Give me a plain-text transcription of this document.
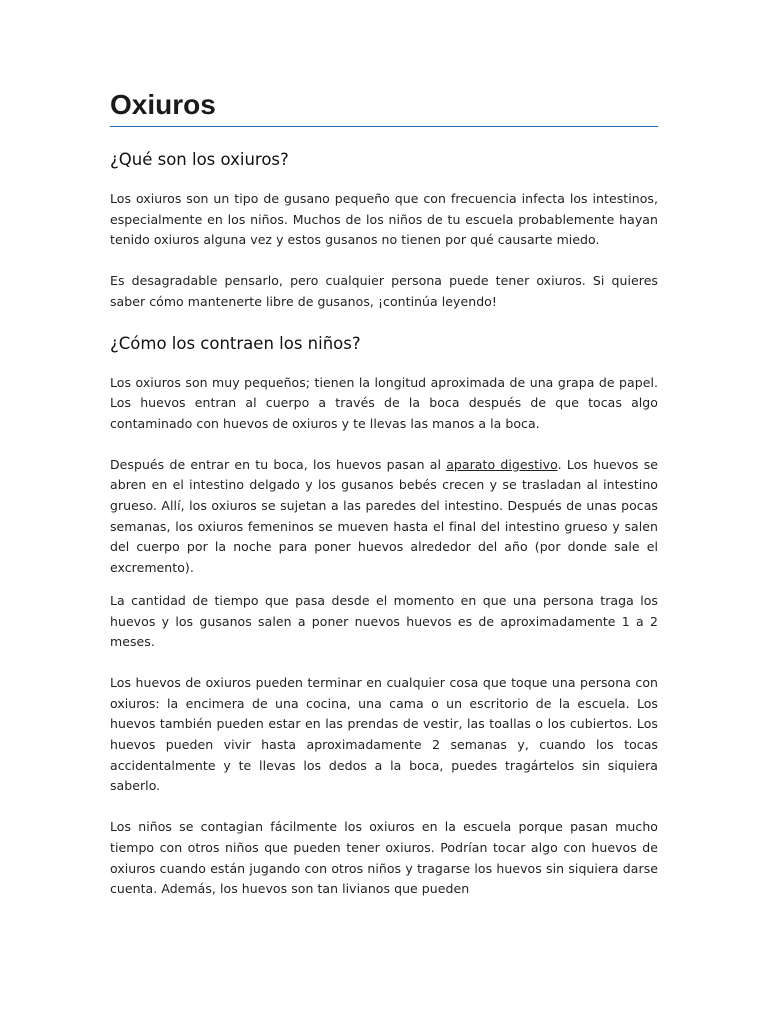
Oxiuros
¿Qué son los oxiuros?

Los oxiuros son un tipo de gusano pequeño que con frecuencia infecta los intestinos, especialmente en los niños. Muchos de los niños de tu escuela probablemente hayan tenido oxiuros alguna vez y estos gusanos no tienen por qué causarte miedo.

Es desagradable pensarlo, pero cualquier persona puede tener oxiuros. Si quieres saber cómo mantenerte libre de gusanos, ¡continúa leyendo!

¿Cómo los contraen los niños?

Los oxiuros son muy pequeños; tienen la longitud aproximada de una grapa de papel. Los huevos entran al cuerpo a través de la boca después de que tocas algo contaminado con huevos de oxiuros y te llevas las manos a la boca.

Después de entrar en tu boca, los huevos pasan al aparato digestivo. Los huevos se abren en el intestino delgado y los gusanos bebés crecen y se trasladan al intestino grueso. Allí, los oxiuros se sujetan a las paredes del intestino. Después de unas pocas semanas, los oxiuros femeninos se mueven hasta el final del intestino grueso y salen del cuerpo por la noche para poner huevos alrededor del año (por donde sale el excremento).

La cantidad de tiempo que pasa desde el momento en que una persona traga los huevos y los gusanos salen a poner nuevos huevos es de aproximadamente 1 a 2 meses.

Los huevos de oxiuros pueden terminar en cualquier cosa que toque una persona con oxiuros: la encimera de una cocina, una cama o un escritorio de la escuela. Los huevos también pueden estar en las prendas de vestir, las toallas o los cubiertos. Los huevos pueden vivir hasta aproximadamente 2 semanas y, cuando los tocas accidentalmente y te llevas los dedos a la boca, puedes tragártelos sin siquiera saberlo.

Los niños se contagian fácilmente los oxiuros en la escuela porque pasan mucho tiempo con otros niños que pueden tener oxiuros. Podrían tocar algo con huevos de oxiuros cuando están jugando con otros niños y tragarse los huevos sin siquiera darse cuenta. Además, los huevos son tan livianos que pueden
